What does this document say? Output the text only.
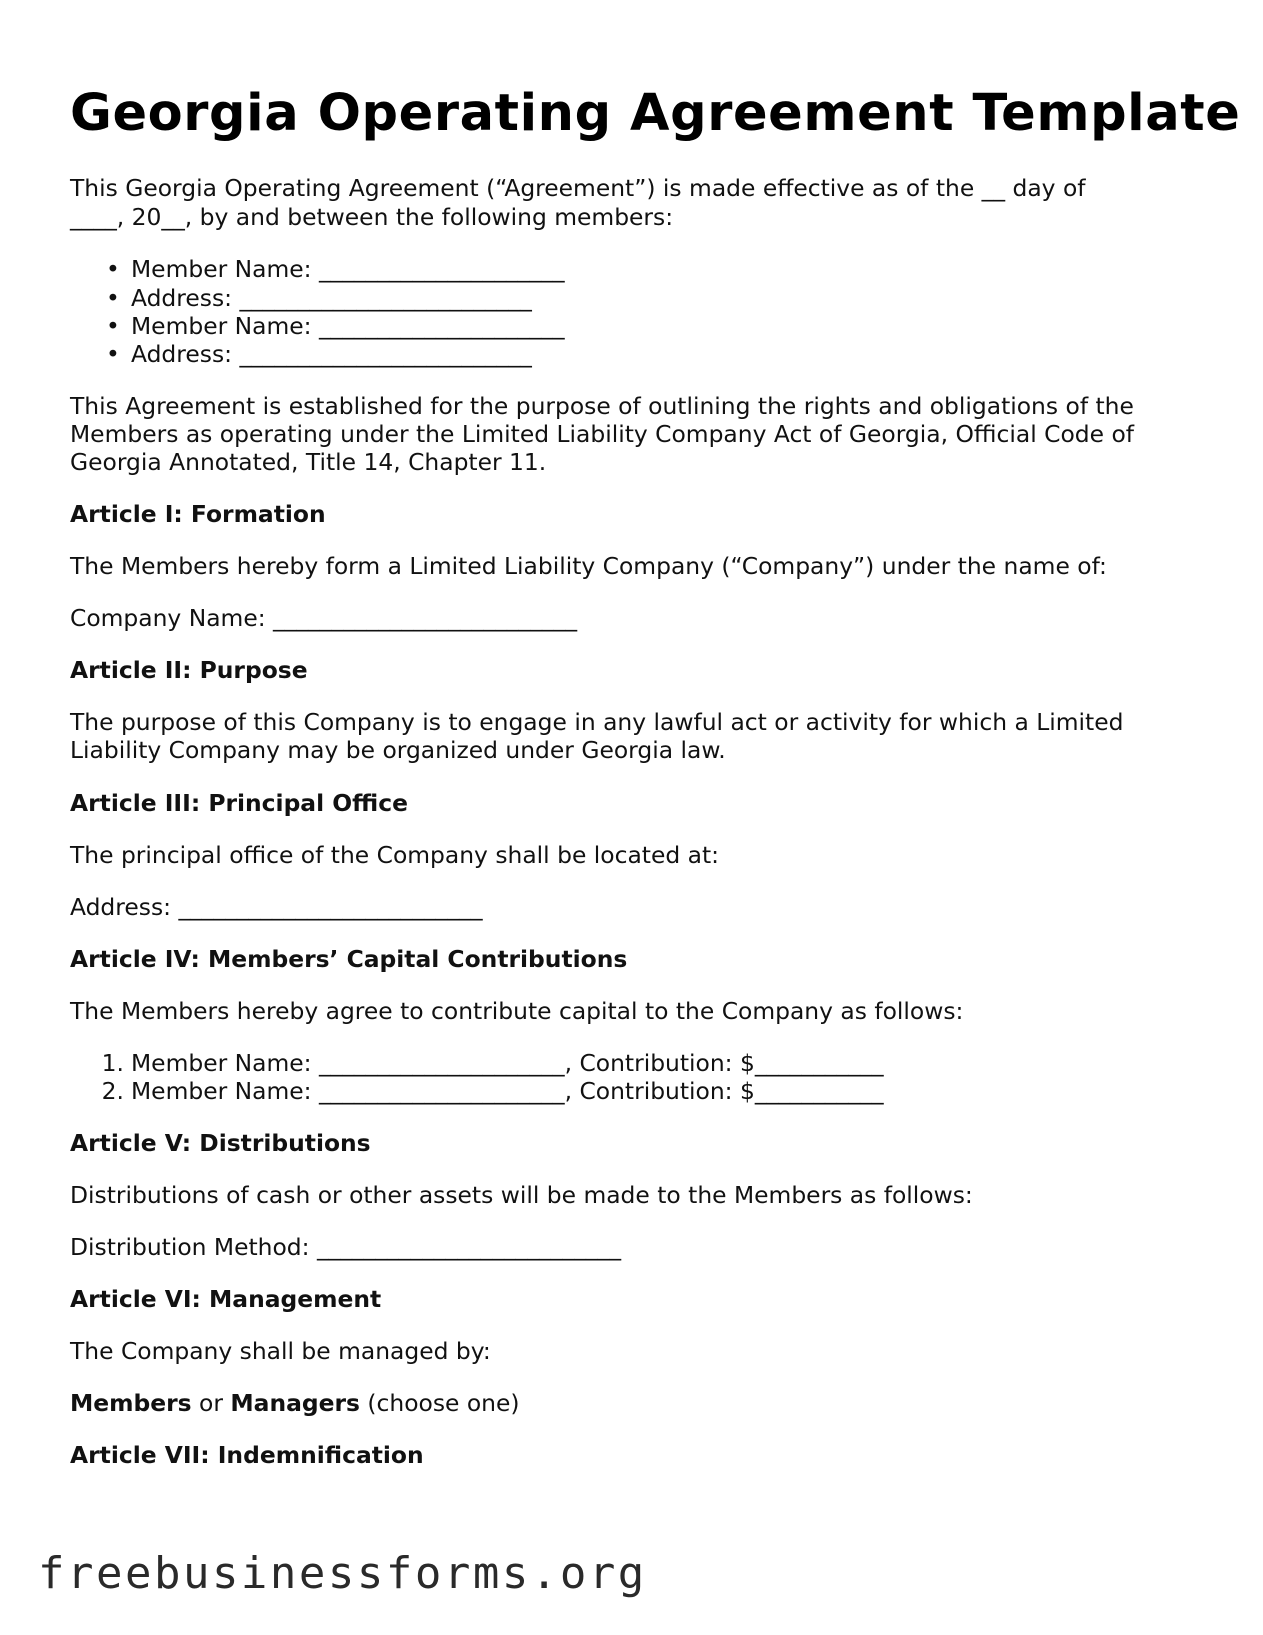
Georgia Operating Agreement Template

This Georgia Operating Agreement (“Agreement”) is made effective as of the __ day of

____, 20__, by and between the following members:

• Member Name: _____________________

• Address: _________________________

• Member Name: _____________________

• Address: _________________________

This Agreement is established for the purpose of outlining the rights and obligations of the

Members as operating under the Limited Liability Company Act of Georgia, Official Code of

Georgia Annotated, Title 14, Chapter 11.

Article I: Formation

The Members hereby form a Limited Liability Company (“Company”) under the name of:

Company Name: __________________________

Article II: Purpose

The purpose of this Company is to engage in any lawful act or activity for which a Limited

Liability Company may be organized under Georgia law.

Article III: Principal Office

The principal office of the Company shall be located at:

Address: __________________________

Article IV: Members’ Capital Contributions

The Members hereby agree to contribute capital to the Company as follows:

1. Member Name: _____________________, Contribution: $___________

2. Member Name: _____________________, Contribution: $___________

Article V: Distributions

Distributions of cash or other assets will be made to the Members as follows:

Distribution Method: __________________________

Article VI: Management

The Company shall be managed by:

Members or Managers (choose one)

Article VII: Indemnification

freebusinessforms.org
